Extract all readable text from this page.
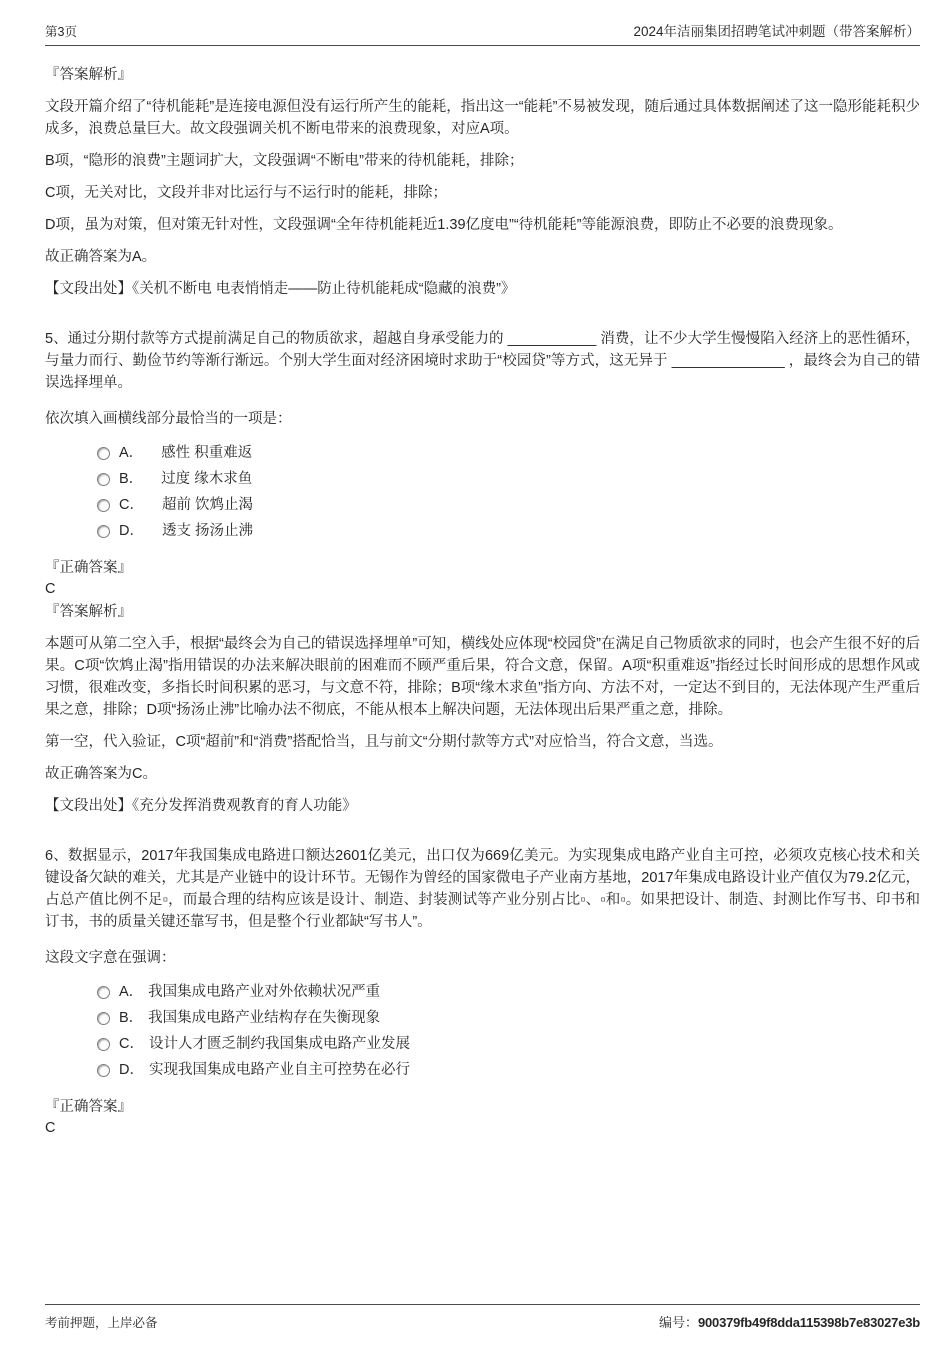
第3页	2024年洁丽集团招聘笔试冲刺题（带答案解析）

『答案解析』

文段开篇介绍了“待机能耗”是连接电源但没有运行所产生的能耗，指出这一“能耗”不易被发现，随后通过具体数据阐述了这一隐形能耗积少成多，浪费总量巨大。故文段强调关机不断电带来的浪费现象，对应A项。

B项，“隐形的浪费”主题词扩大，文段强调“不断电”带来的待机能耗，排除；

C项，无关对比，文段并非对比运行与不运行时的能耗，排除；

D项，虽为对策，但对策无针对性，文段强调“全年待机能耗近1.39亿度电”“待机能耗”等能源浪费，即防止不必要的浪费现象。

故正确答案为A。

【文段出处】《关机不断电 电表悄悄走——防止待机能耗成“隐藏的浪费”》

5、通过分期付款等方式提前满足自己的物质欲求，超越自身承受能力的 ___________ 消费，让不少大学生慢慢陷入经济上的恶性循环，与量力而行、勤俭节约等渐行渐远。个别大学生面对经济困境时求助于“校园贷”等方式，这无异于 ______________ ，最终会为自己的错误选择埋单。

依次填入画横线部分最恰当的一项是：

A． 感性 积重难返
B． 过度 缘木求鱼
C． 超前 饮鸩止渴
D． 透支 扬汤止沸

『正确答案』

C

『答案解析』

本题可从第二空入手，根据“最终会为自己的错误选择埋单”可知，横线处应体现“校园贷”在满足自己物质欲求的同时，也会产生很不好的后果。C项“饮鸩止渴”指用错误的办法来解决眼前的困难而不顾严重后果，符合文意，保留。A项“积重难返”指经过长时间形成的思想作风或习惯，很难改变，多指长时间积累的恶习，与文意不符，排除；B项“缘木求鱼”指方向、方法不对，一定达不到目的，无法体现产生严重后果之意，排除；D项“扬汤止沸”比喻办法不彻底，不能从根本上解决问题，无法体现出后果严重之意，排除。

第一空，代入验证，C项“超前”和“消费”搭配恰当，且与前文“分期付款等方式”对应恰当，符合文意，当选。

故正确答案为C。

【文段出处】《充分发挥消费观教育的育人功能》

6、数据显示，2017年我国集成电路进口额达2601亿美元，出口仅为669亿美元。为实现集成电路产业自主可控，必须攻克核心技术和关键设备欠缺的难关，尤其是产业链中的设计环节。无锡作为曾经的国家微电子产业南方基地，2017年集成电路设计业产值仅为79.2亿元，占总产值比例不足▫，而最合理的结构应该是设计、制造、封装测试等产业分别占比▫、▫和▫。如果把设计、制造、封测比作写书、印书和订书，书的质量关键还靠写书，但是整个行业都缺“写书人”。

这段文字意在强调：

A． 我国集成电路产业对外依赖状况严重
B． 我国集成电路产业结构存在失衡现象
C． 设计人才匮乏制约我国集成电路产业发展
D． 实现我国集成电路产业自主可控势在必行

『正确答案』

C

考前押题，上岸必备	编号：900379fb49f8dda115398b7e83027e3b
